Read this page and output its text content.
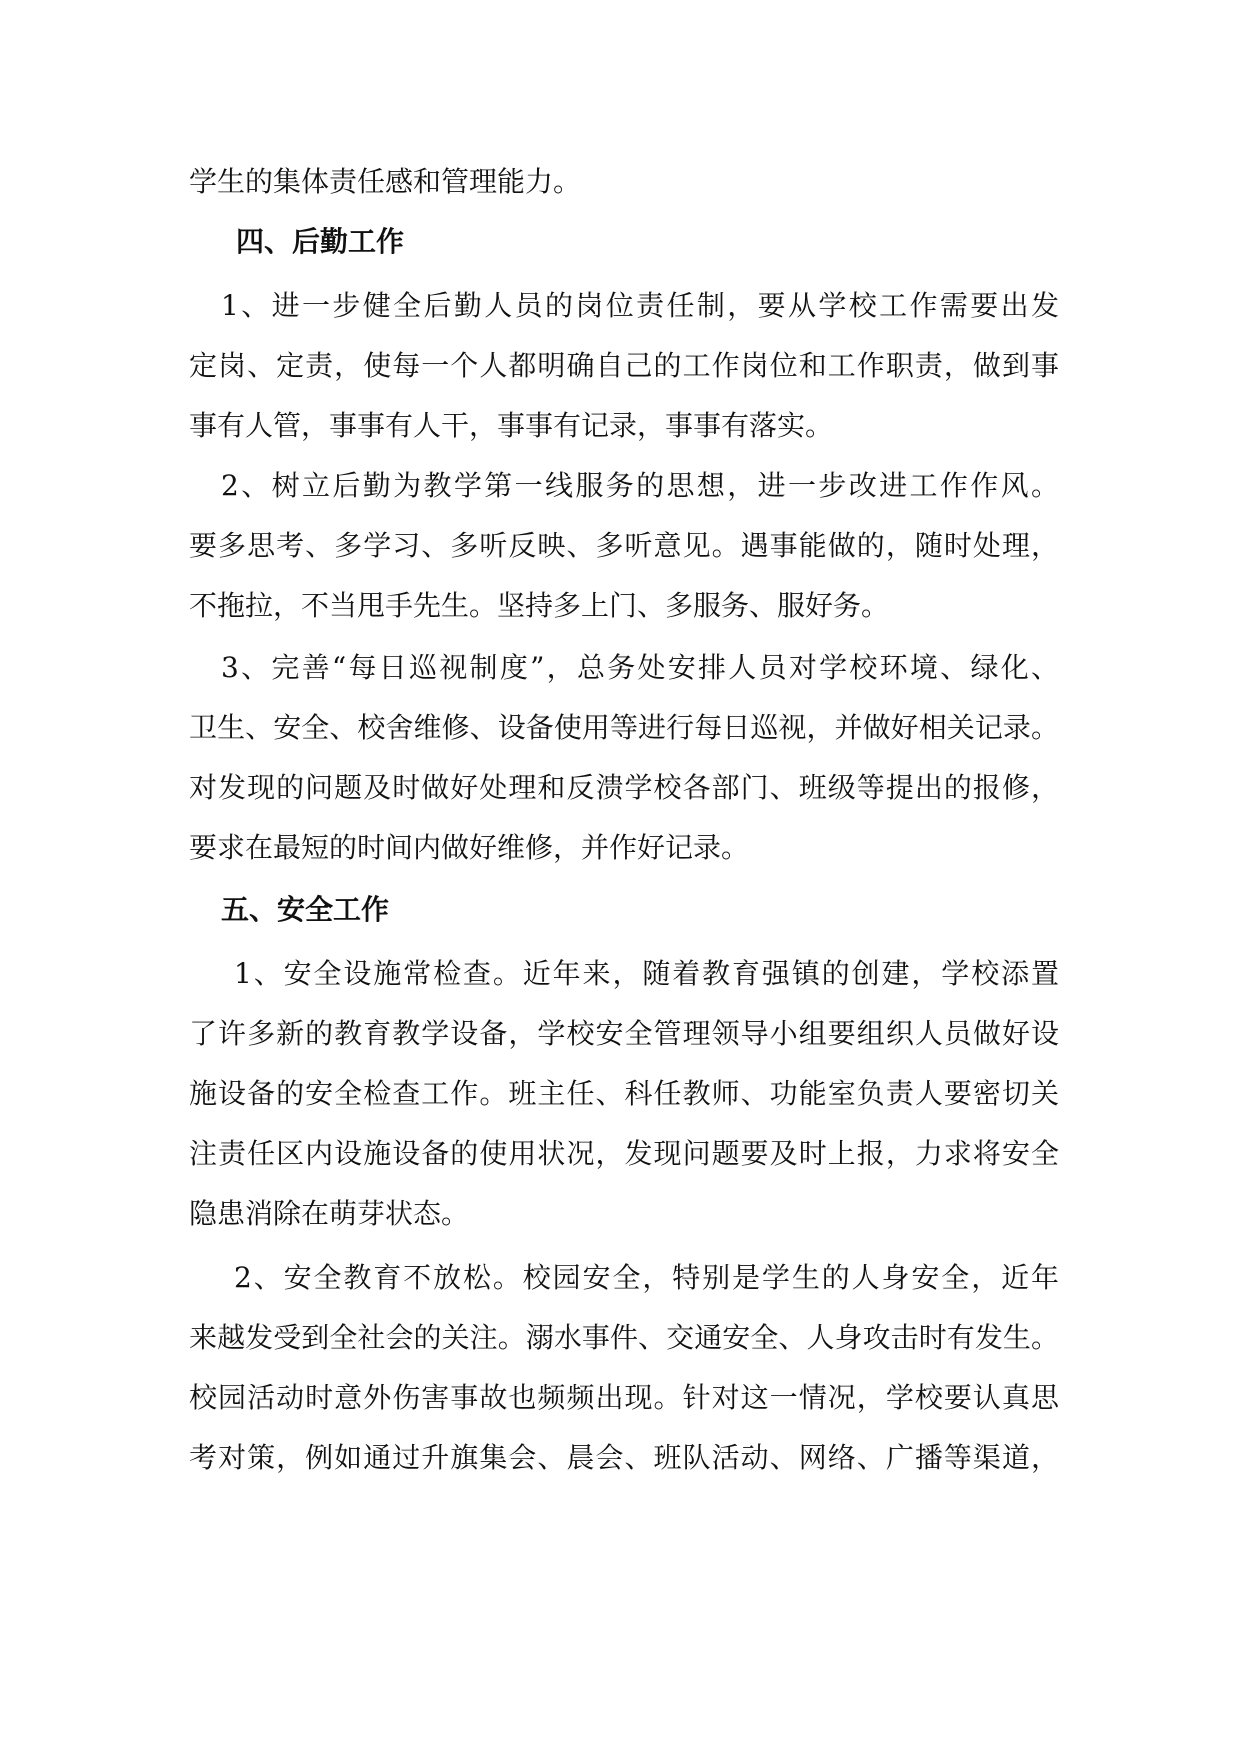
学生的集体责任感和管理能力。
四、后勤工作
1、进一步健全后勤人员的岗位责任制，要从学校工作需要出发
定岗、定责，使每一个人都明确自己的工作岗位和工作职责，做到事
事有人管，事事有人干，事事有记录，事事有落实。
2、树立后勤为教学第一线服务的思想，进一步改进工作作风。
要多思考、多学习、多听反映、多听意见。遇事能做的，随时处理，
不拖拉，不当甩手先生。坚持多上门、多服务、服好务。
3、完善“每日巡视制度”，总务处安排人员对学校环境、绿化、
卫生、安全、校舍维修、设备使用等进行每日巡视，并做好相关记录。
对发现的问题及时做好处理和反溃学校各部门、班级等提出的报修，
要求在最短的时间内做好维修，并作好记录。
五、安全工作
1、安全设施常检查。近年来，随着教育强镇的创建，学校添置
了许多新的教育教学设备，学校安全管理领导小组要组织人员做好设
施设备的安全检查工作。班主任、科任教师、功能室负责人要密切关
注责任区内设施设备的使用状况，发现问题要及时上报，力求将安全
隐患消除在萌芽状态。
2、安全教育不放松。校园安全，特别是学生的人身安全，近年
来越发受到全社会的关注。溺水事件、交通安全、人身攻击时有发生。
校园活动时意外伤害事故也频频出现。针对这一情况，学校要认真思
考对策，例如通过升旗集会、晨会、班队活动、网络、广播等渠道，
